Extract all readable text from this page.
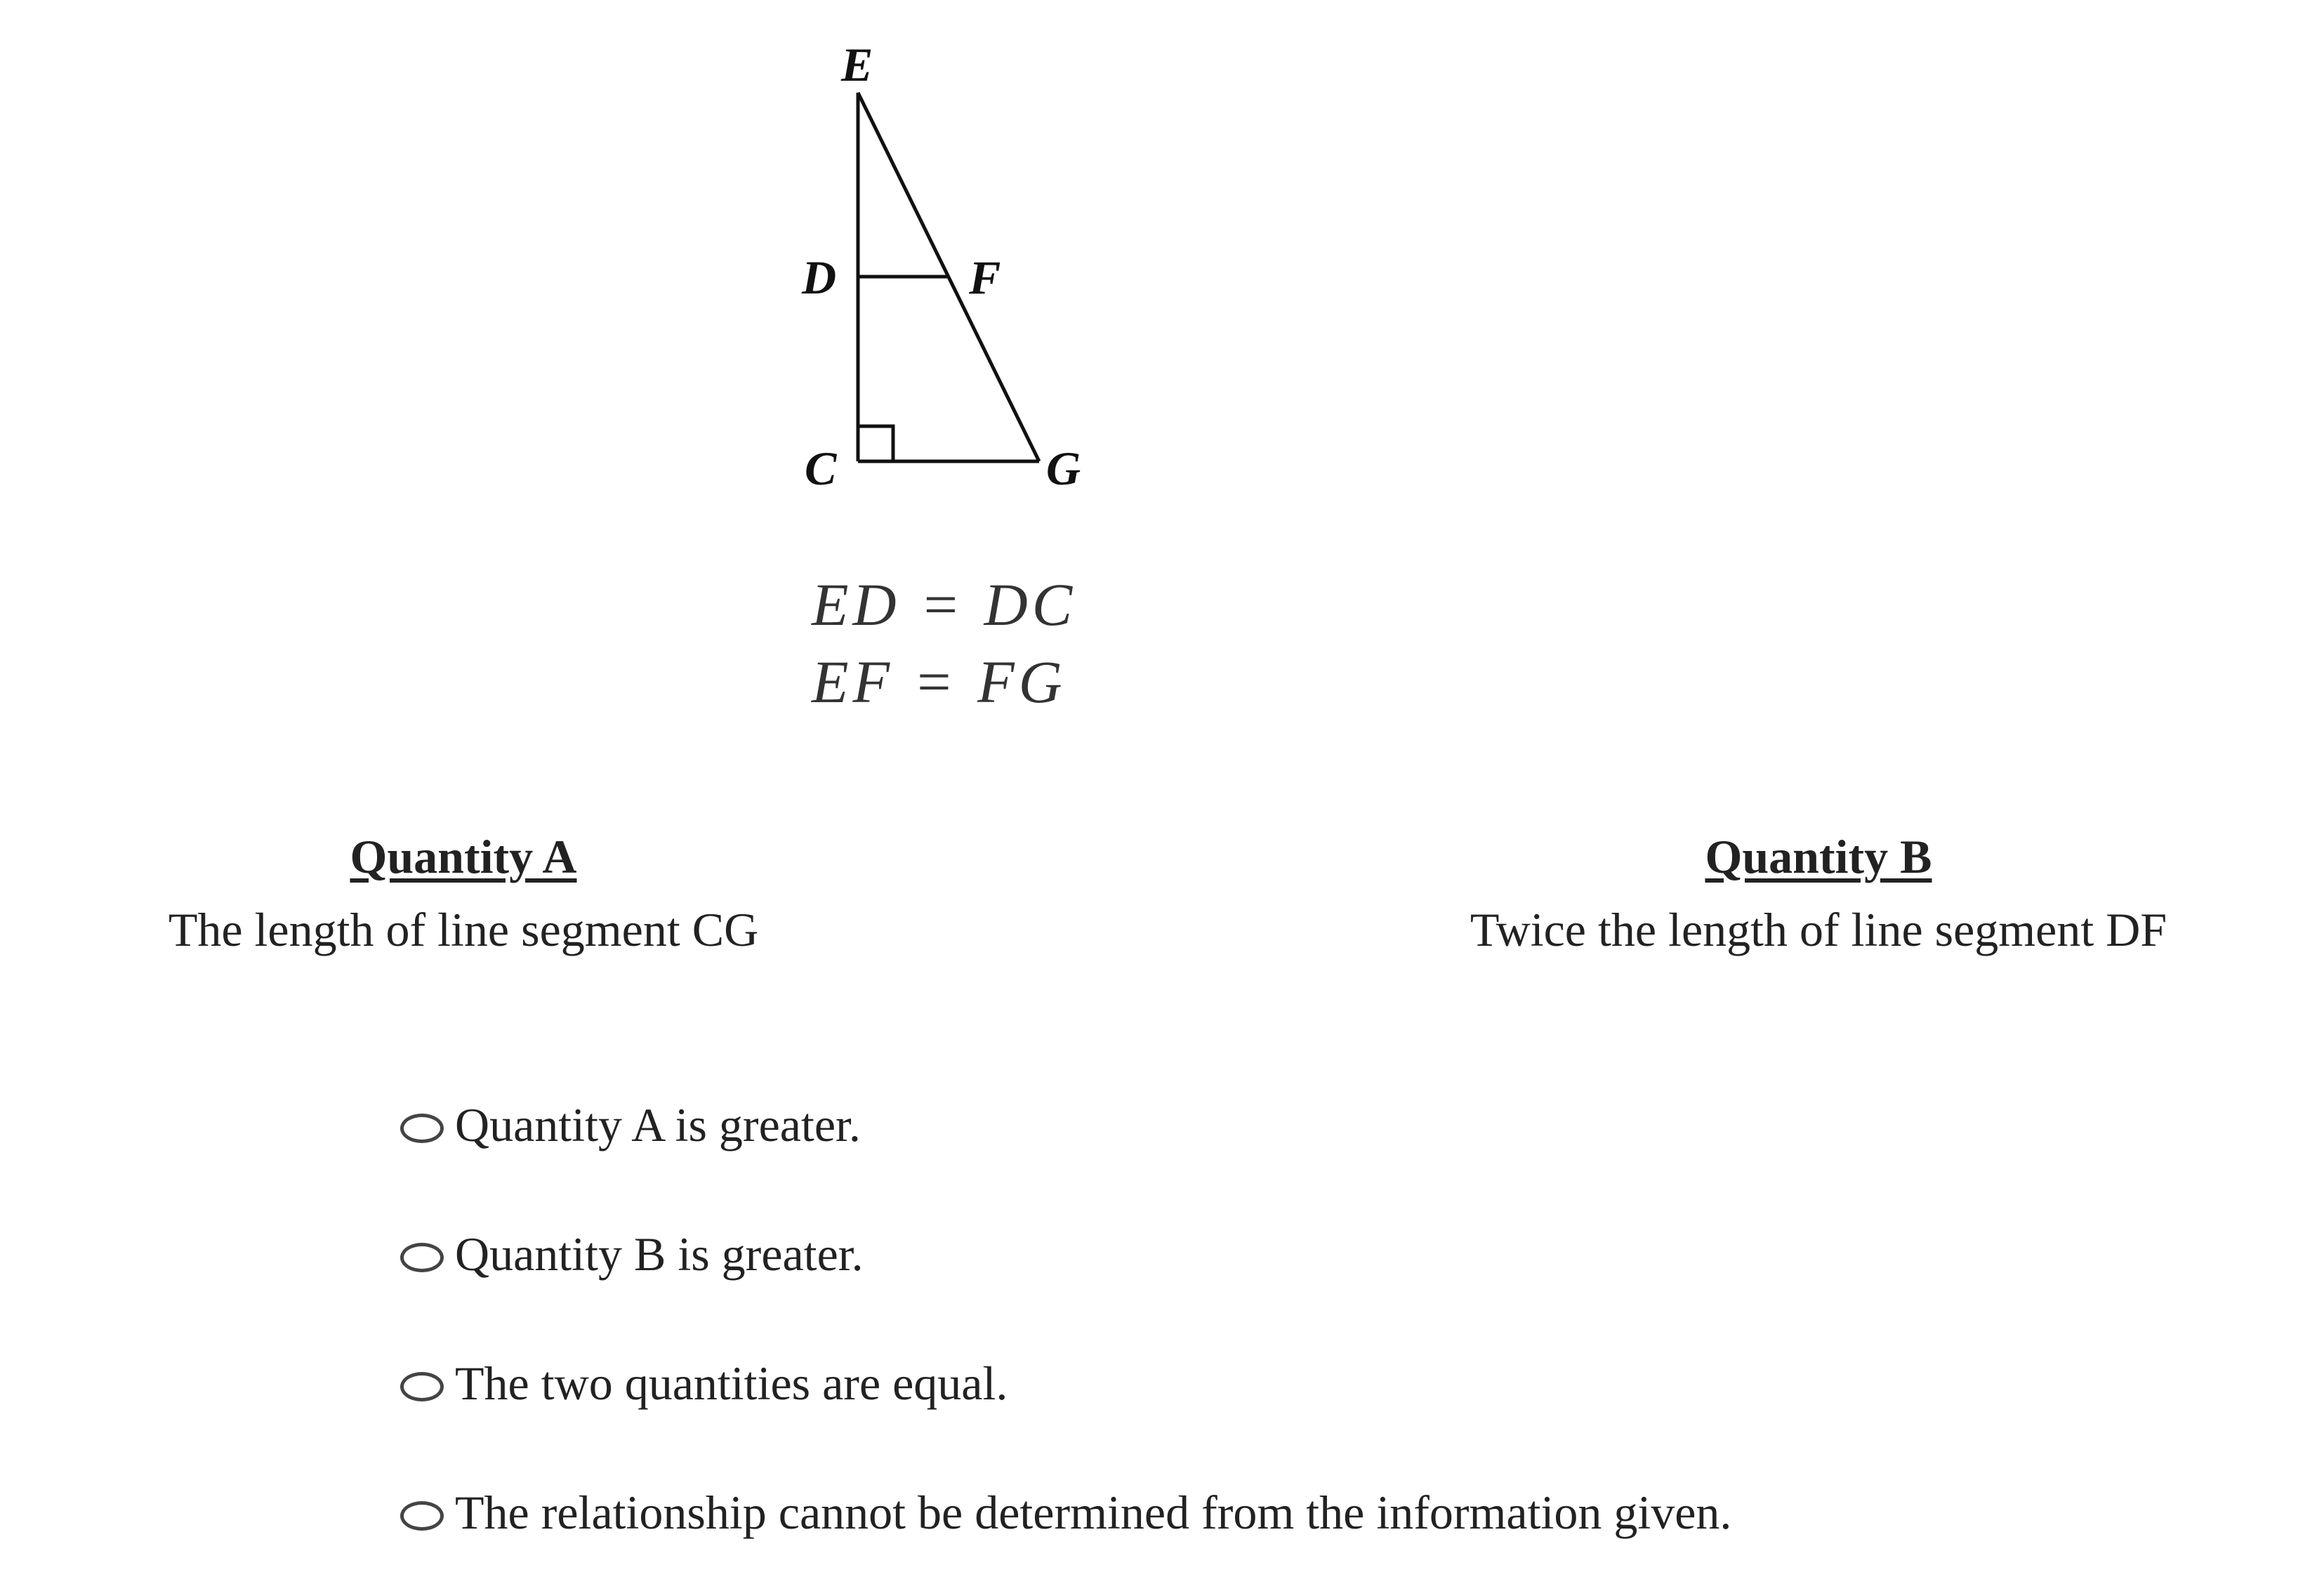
E
D	F
C	G
ED = DC
EF = FG
Quantity A
The length of line segment CG
Quantity B
Twice the length of line segment DF
Quantity A is greater.
Quantity B is greater.
The two quantities are equal.
The relationship cannot be determined from the information given.
